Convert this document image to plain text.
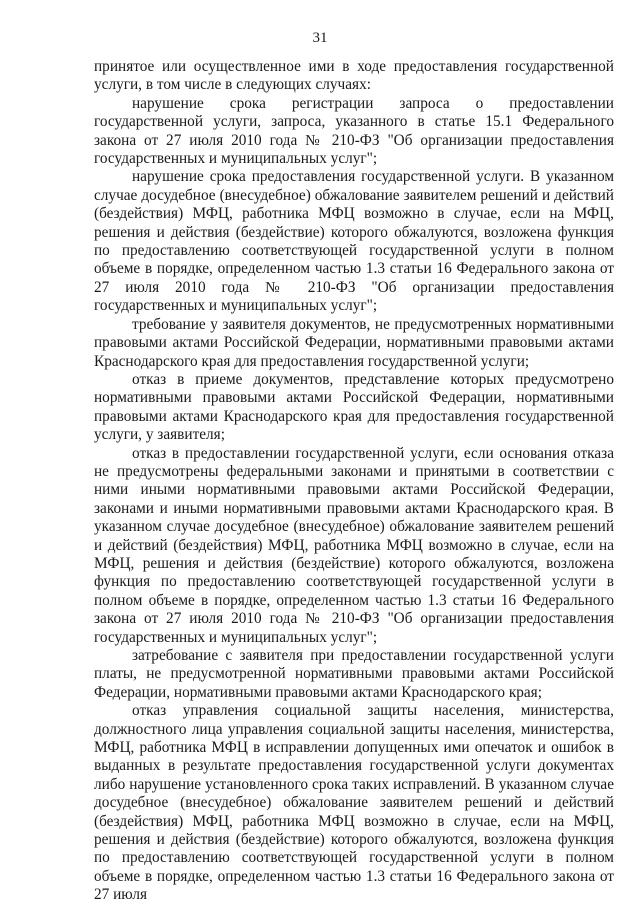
31

принятое или осуществленное ими в ходе предоставления государственной услуги, в том числе в следующих случаях:

нарушение срока регистрации запроса о предоставлении государственной услуги, запроса, указанного в статье 15.1 Федерального закона от 27 июля 2010 года № 210-ФЗ "Об организации предоставления государственных и муниципальных услуг";

нарушение срока предоставления государственной услуги. В указанном случае досудебное (внесудебное) обжалование заявителем решений и действий (бездействия) МФЦ, работника МФЦ возможно в случае, если на МФЦ, решения и действия (бездействие) которого обжалуются, возложена функция по предоставлению соответствующей государственной услуги в полном объеме в порядке, определенном частью 1.3 статьи 16 Федерального закона от 27 июля 2010 года № 210-ФЗ "Об организации предоставления государственных и муниципальных услуг";

требование у заявителя документов, не предусмотренных нормативными правовыми актами Российской Федерации, нормативными правовыми актами Краснодарского края для предоставления государственной услуги;

отказ в приеме документов, представление которых предусмотрено нормативными правовыми актами Российской Федерации, нормативными правовыми актами Краснодарского края для предоставления государственной услуги, у заявителя;

отказ в предоставлении государственной услуги, если основания отказа не предусмотрены федеральными законами и принятыми в соответствии с ними иными нормативными правовыми актами Российской Федерации, законами и иными нормативными правовыми актами Краснодарского края. В указанном случае досудебное (внесудебное) обжалование заявителем решений и действий (бездействия) МФЦ, работника МФЦ возможно в случае, если на МФЦ, решения и действия (бездействие) которого обжалуются, возложена функция по предоставлению соответствующей государственной услуги в полном объеме в порядке, определенном частью 1.3 статьи 16 Федерального закона от 27 июля 2010 года № 210-ФЗ "Об организации предоставления государственных и муниципальных услуг";

затребование с заявителя при предоставлении государственной услуги платы, не предусмотренной нормативными правовыми актами Российской Федерации, нормативными правовыми актами Краснодарского края;

отказ управления социальной защиты населения, министерства, должностного лица управления социальной защиты населения, министерства, МФЦ, работника МФЦ в исправлении допущенных ими опечаток и ошибок в выданных в результате предоставления государственной услуги документах либо нарушение установленного срока таких исправлений. В указанном случае досудебное (внесудебное) обжалование заявителем решений и действий (бездействия) МФЦ, работника МФЦ возможно в случае, если на МФЦ, решения и действия (бездействие) которого обжалуются, возложена функция по предоставлению соответствующей государственной услуги в полном объеме в порядке, определенном частью 1.3 статьи 16 Федерального закона от 27 июля
